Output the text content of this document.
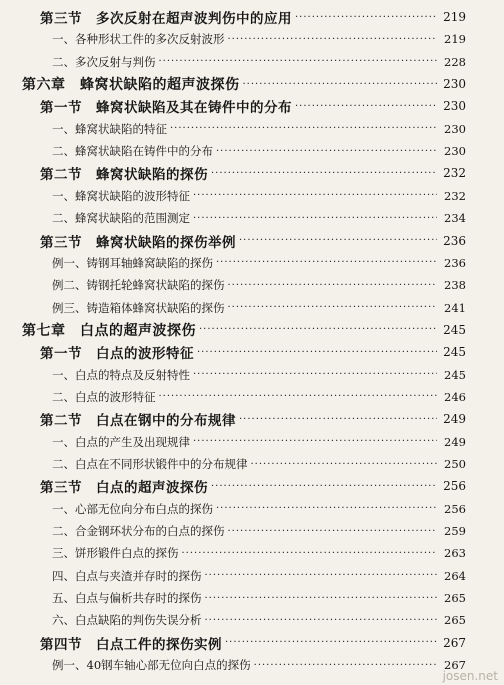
第三节　多次反射在超声波判伤中的应用 ·····	219
一、各种形状工件的多次反射波形 ·····	219
二、多次反射与判伤 ·····	228
第六章　蜂窝状缺陷的超声波探伤 ·····	230
第一节　蜂窝状缺陷及其在铸件中的分布 ·····	230
一、蜂窝状缺陷的特征 ·····	230
二、蜂窝状缺陷在铸件中的分布 ·····	230
第二节　蜂窝状缺陷的探伤 ·····	232
一、蜂窝状缺陷的波形特征 ·····	232
二、蜂窝状缺陷的范围测定 ·····	234
第三节　蜂窝状缺陷的探伤举例 ·····	236
例一、铸钢耳轴蜂窝缺陷的探伤 ·····	236
例二、铸钢托轮蜂窝状缺陷的探伤 ·····	238
例三、铸造箱体蜂窝状缺陷的探伤 ·····	241
第七章　白点的超声波探伤 ·····	245
第一节　白点的波形特征 ·····	245
一、白点的特点及反射特性 ·····	245
二、白点的波形特征 ·····	246
第二节　白点在钢中的分布规律 ·····	249
一、白点的产生及出现规律 ·····	249
二、白点在不同形状锻件中的分布规律 ·····	250
第三节　白点的超声波探伤 ·····	256
一、心部无位向分布白点的探伤 ·····	256
二、合金钢环状分布的白点的探伤 ·····	259
三、饼形锻件白点的探伤 ·····	263
四、白点与夹渣并存时的探伤 ·····	264
五、白点与偏析共存时的探伤 ·····	265
六、白点缺陷的判伤失误分析 ·····	265
第四节　白点工件的探伤实例 ·····	267
例一、40钢车轴心部无位向白点的探伤 ·····	267
josen.net
